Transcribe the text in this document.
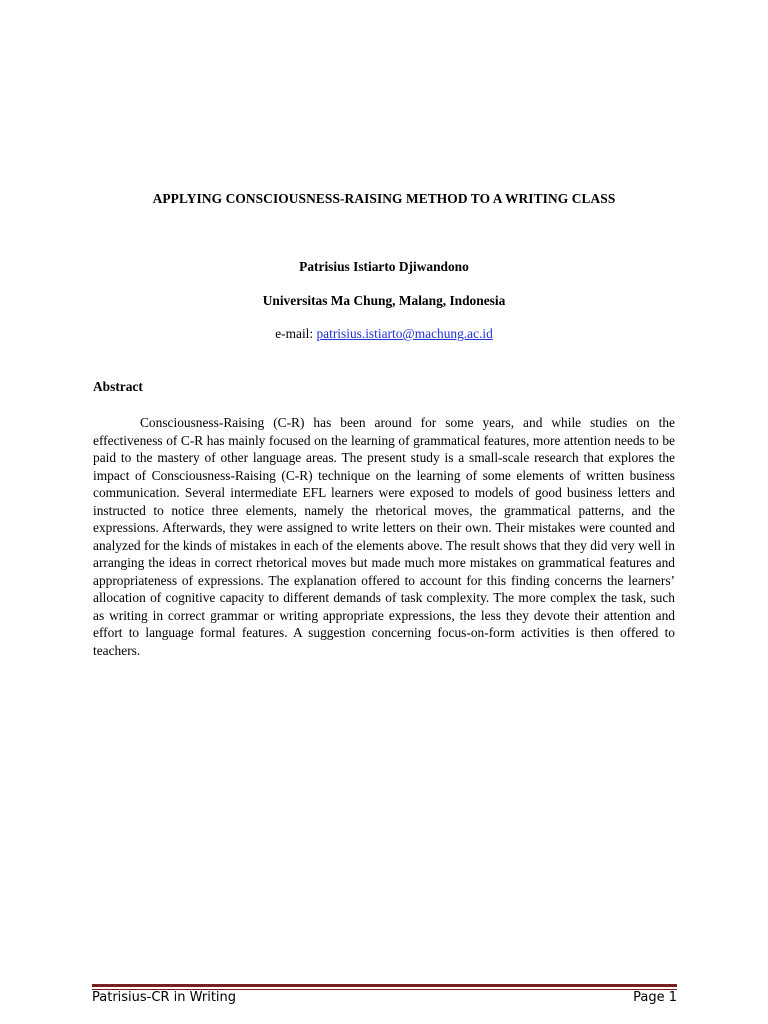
APPLYING CONSCIOUSNESS-RAISING METHOD TO A WRITING CLASS
Patrisius Istiarto Djiwandono
Universitas Ma Chung, Malang, Indonesia
e-mail: patrisius.istiarto@machung.ac.id
Abstract

Consciousness-Raising (C-R) has been around for some years, and while studies on the effectiveness of C-R has mainly focused on the learning of grammatical features, more attention needs to be paid to the mastery of other language areas. The present study is a small-scale research that explores the impact of Consciousness-Raising (C-R) technique on the learning of some elements of written business communication. Several intermediate EFL learners were exposed to models of good business letters and instructed to notice three elements, namely the rhetorical moves, the grammatical patterns, and the expressions. Afterwards, they were assigned to write letters on their own. Their mistakes were counted and analyzed for the kinds of mistakes in each of the elements above. The result shows that they did very well in arranging the ideas in correct rhetorical moves but made much more mistakes on grammatical features and appropriateness of expressions. The explanation offered to account for this finding concerns the learners’ allocation of cognitive capacity to different demands of task complexity. The more complex the task, such as writing in correct grammar or writing appropriate expressions, the less they devote their attention and effort to language formal features. A suggestion concerning focus-on-form activities is then offered to teachers.

Patrisius-CR in Writing	Page 1
